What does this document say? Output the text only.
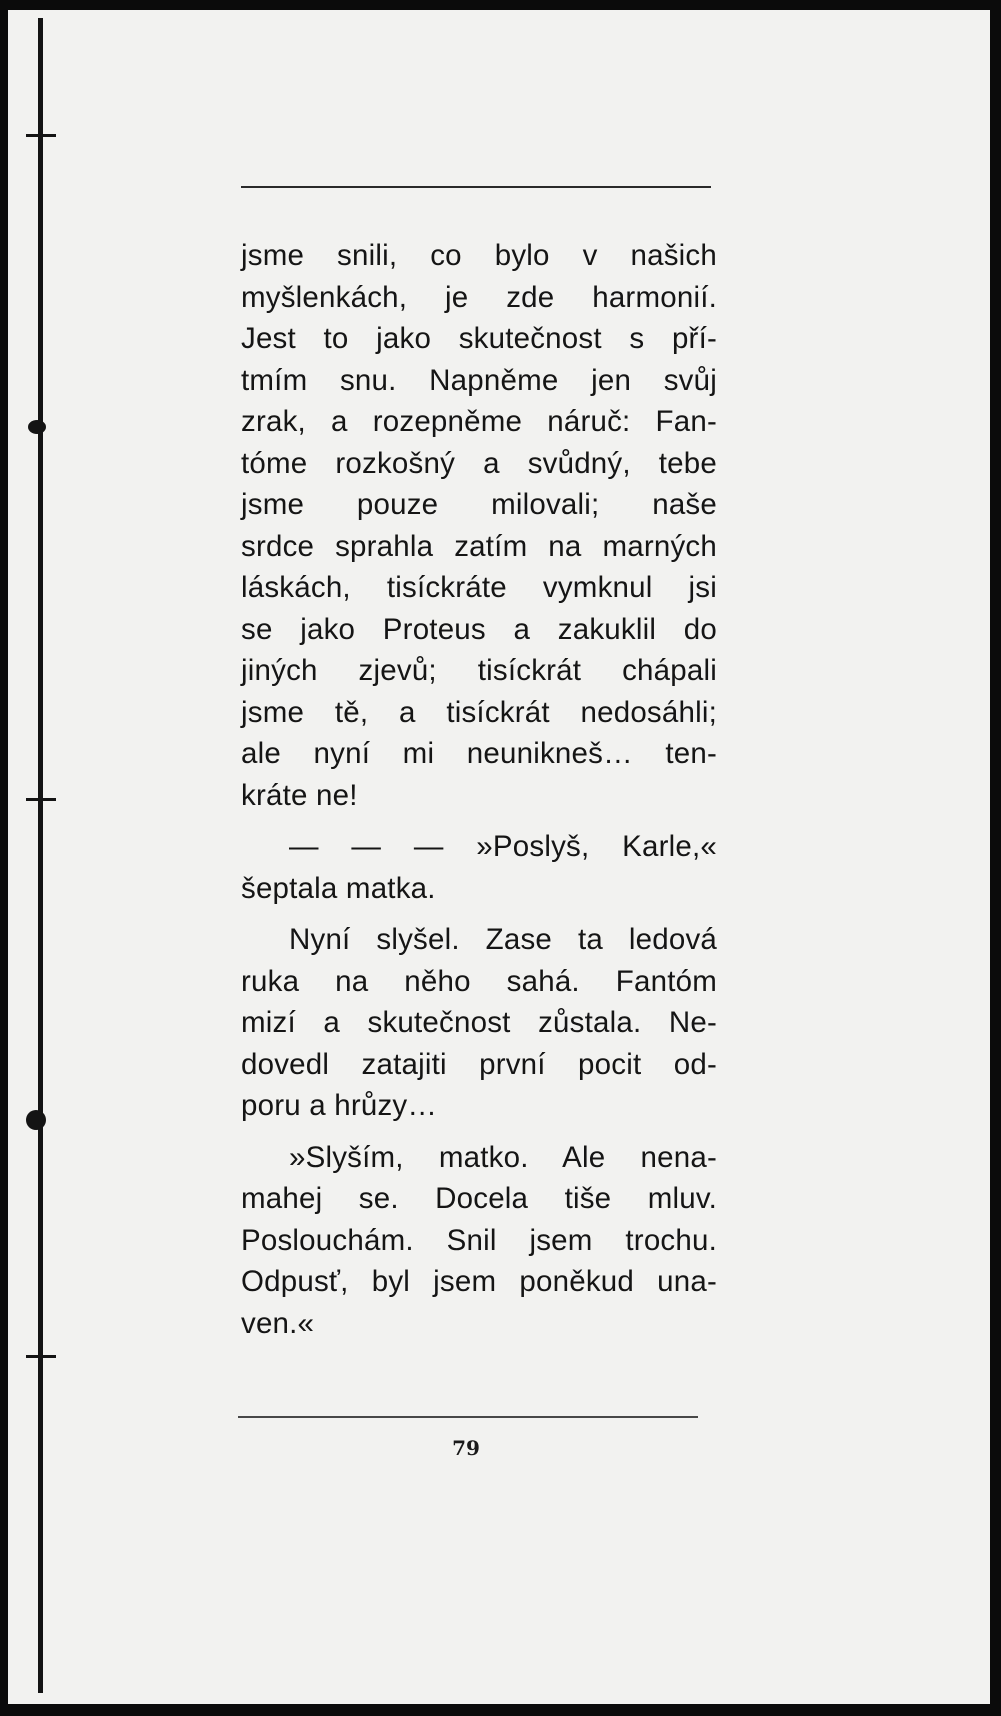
jsme snili, co bylo v našich
myšlenkách, je zde harmonií.
Jest to jako skutečnost s pří-
tmím snu. Napněme jen svůj
zrak, a rozepněme náruč: Fan-
tóme rozkošný a svůdný, tebe
jsme pouze milovali; naše
srdce sprahla zatím na marných
láskách, tisíckráte vymknul jsi
se jako Proteus a zakuklil do
jiných zjevů; tisíckrát chápali
jsme tě, a tisíckrát nedosáhli;
ale nyní mi neunikneš… ten-
kráte ne!
— — — »Poslyš, Karle,«
šeptala matka.
Nyní slyšel. Zase ta ledová
ruka na něho sahá. Fantóm
mizí a skutečnost zůstala. Ne-
dovedl zatajiti první pocit od-
poru a hrůzy…
»Slyším, matko. Ale nena-
mahej se. Docela tiše mluv.
Poslouchám. Snil jsem trochu.
Odpusť, byl jsem poněkud una-
ven.«
79
